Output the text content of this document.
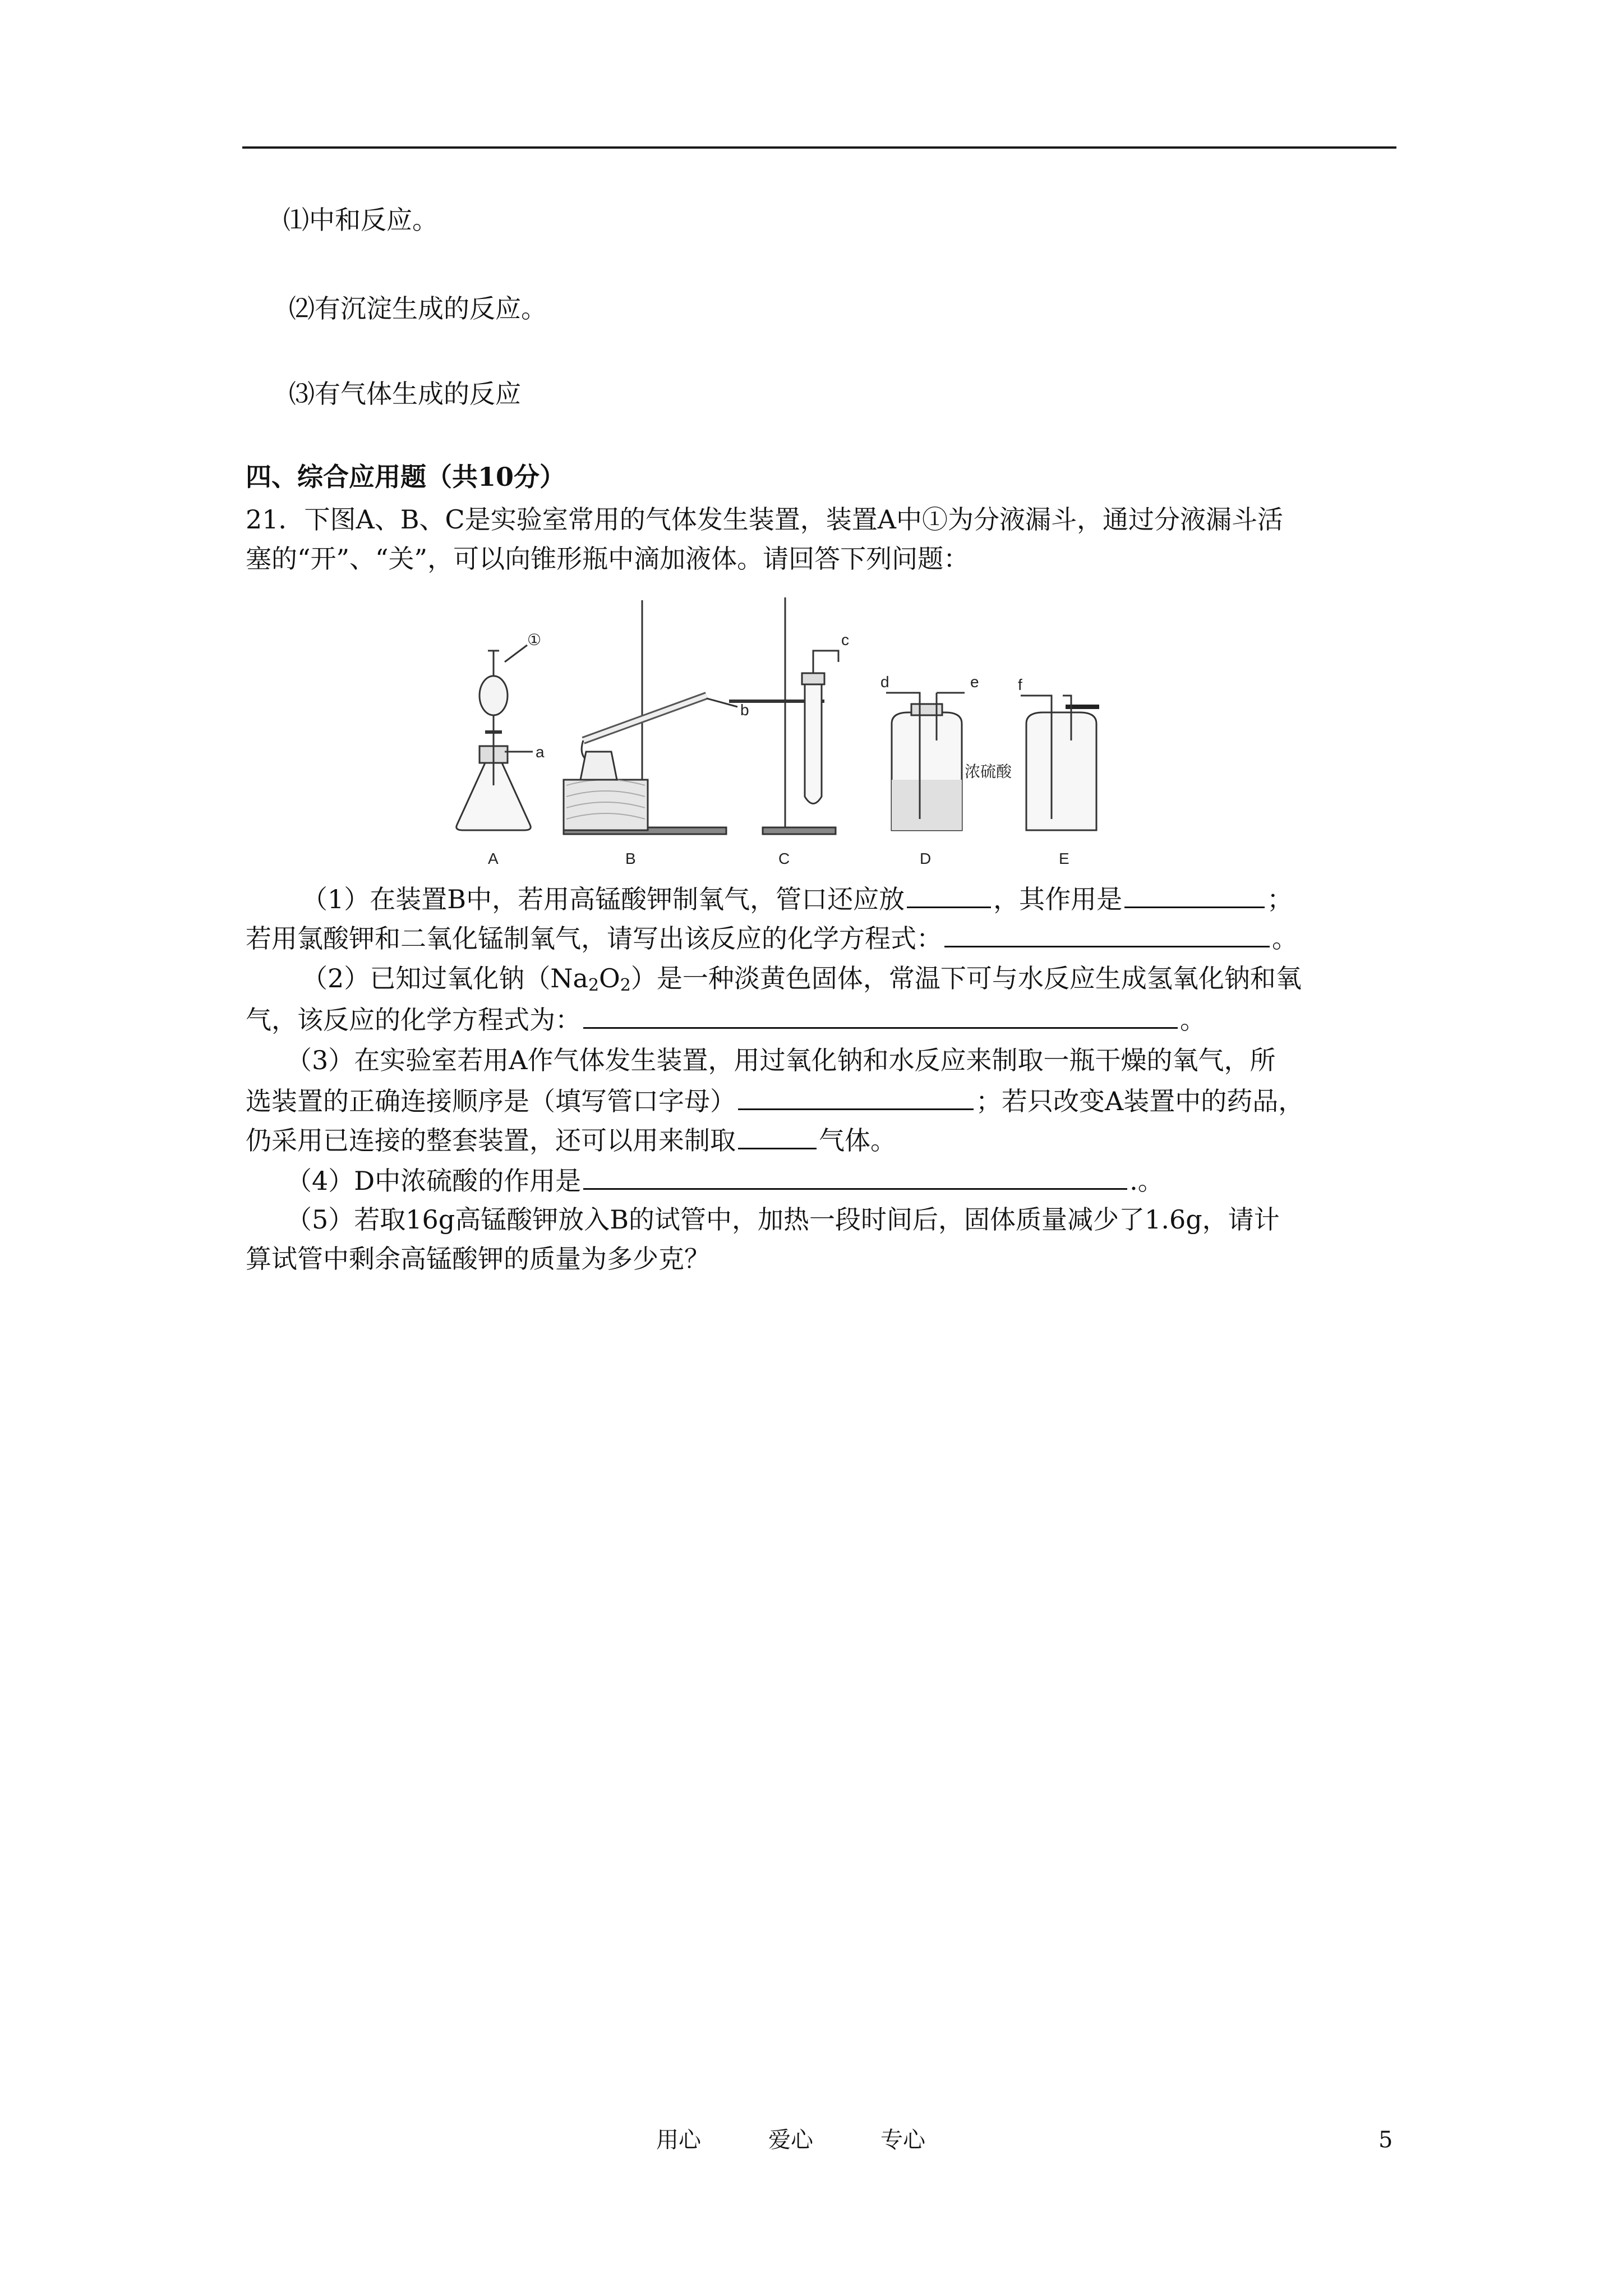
⑴中和反应。
⑵有沉淀生成的反应。
⑶有气体生成的反应
四、综合应用题（共10分）
21．下图A、B、C是实验室常用的气体发生装置，装置A中①为分液漏斗，通过分液漏斗活
塞的“开”、“关”，可以向锥形瓶中滴加液体。请回答下列问题：
A	B	C	D	E
a
b
c
d	e f
①
浓硫酸
（1）在装置B中，若用高锰酸钾制氧气，管口还应放	，其作用是	；
若用氯酸钾和二氧化锰制氧气，请写出该反应的化学方程式：	。
（2）已知过氧化钠$(Na_2O_2)$是一种淡黄色固体，常温下可与水反应生成氢氧化钠和氧
气，该反应的化学方程式为：	。
（3）在实验室若用A作气体发生装置，用过氧化钠和水反应来制取一瓶干燥的氧气，所
选装置的正确连接顺序是（填写管口字母）	；若只改变A装置中的药品，
仍采用已连接的整套装置，还可以用来制取	气体。
（4）D中浓硫酸的作用是	.。
（5）若取16g高锰酸钾放入B的试管中，加热一段时间后，固体质量减少了1.6g，请计
算试管中剩余高锰酸钾的质量为多少克？
用心	爱心	专心	5
